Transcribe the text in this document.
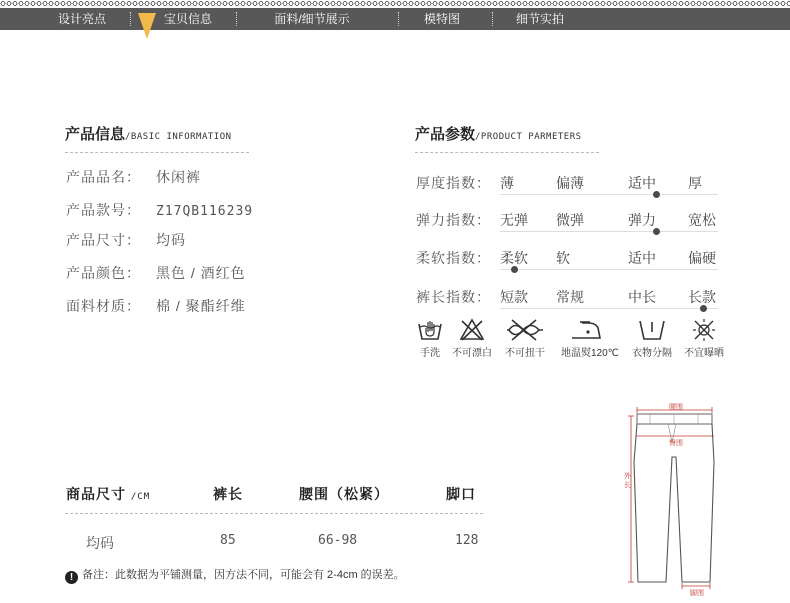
设计亮点	宝贝信息	面料/细节展示	模特图	细节实拍
产品信息/BASIC INFORMATION
产品品名： 休闲裤
产品款号： Z17QB116239
产品尺寸： 均码
产品颜色： 黑色 / 酒红色
面料材质： 棉 / 聚酯纤维
产品参数/PRODUCT PARMETERS
厚度指数： 薄	偏薄	适中 厚
弹力指数： 无弹 微弹	弹力 宽松
柔软指数： 柔软 软	适中 偏硬
裤长指数： 短款 常规	中长 长款
手洗	不可漂白	不可扭干	地温熨120℃	衣物分隔	不宜曝晒
商品尺寸 /CM	裤长	腰围（松紧）	脚口
均码	85	66-98	128
! 备注：此数据为平铺测量，因方法不同，可能会有 2-4cm 的误差。
腰围
臀围
外长
脚围
